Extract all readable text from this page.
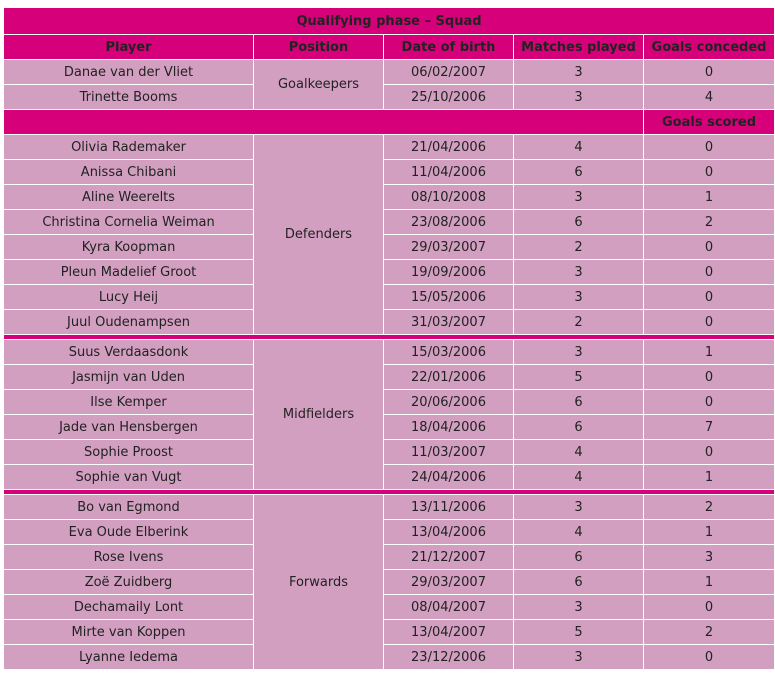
Qualifying phase – Squad				
Player	Position	Date of birth	Matches played	Goals conceded
Danae van der Vliet	Goalkeepers	06/02/2007	3	0
Trinette Booms		25/10/2006	3	4
				Goals scored
Olivia Rademaker	Defenders	21/04/2006	4	0
Anissa Chibani		11/04/2006	6	0
Aline Weerelts		08/10/2008	3	1
Christina Cornelia Weiman		23/08/2006	6	2
Kyra Koopman		29/03/2007	2	0
Pleun Madelief Groot		19/09/2006	3	0
Lucy Heij		15/05/2006	3	0
Juul Oudenampsen		31/03/2007	2	0

Suus Verdaasdonk	Midfielders	15/03/2006	3	1
Jasmijn van Uden		22/01/2006	5	0
Ilse Kemper		20/06/2006	6	0
Jade van Hensbergen		18/04/2006	6	7
Sophie Proost		11/03/2007	4	0
Sophie van Vugt		24/04/2006	4	1

Bo van Egmond	Forwards	13/11/2006	3	2
Eva Oude Elberink		13/04/2006	4	1
Rose Ivens		21/12/2007	6	3
Zoë Zuidberg		29/03/2007	6	1
Dechamaily Lont		08/04/2007	3	0
Mirte van Koppen		13/04/2007	5	2
Lyanne Iedema		23/12/2006	3	0
